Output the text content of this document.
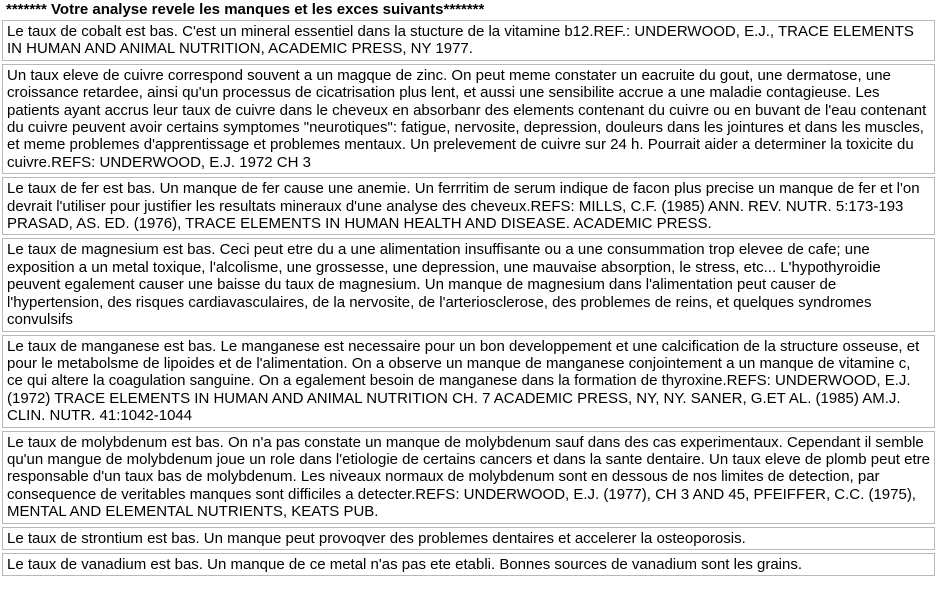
******* Votre analyse revele les manques et les exces suivants*******
Le taux de cobalt est bas. C'est un mineral essentiel dans la stucture de la vitamine b12.REF.: UNDERWOOD, E.J., TRACE ELEMENTS IN HUMAN AND ANIMAL NUTRITION, ACADEMIC PRESS, NY 1977.
Un taux eleve de cuivre correspond souvent a un magque de zinc. On peut meme constater un eacruite du gout, une dermatose, une croissance retardee, ainsi qu'un processus de cicatrisation plus lent, et aussi une sensibilite accrue a une maladie contagieuse. Les patients ayant accrus leur taux de cuivre dans le cheveux en absorbanr des elements contenant du cuivre ou en buvant de l'eau contenant du cuivre peuvent avoir certains symptomes "neurotiques": fatigue, nervosite, depression, douleurs dans les jointures et dans les muscles, et meme problemes d'apprentissage et problemes mentaux. Un prelevement de cuivre sur 24 h. Pourrait aider a determiner la toxicite du cuivre.REFS: UNDERWOOD, E.J. 1972 CH 3
Le taux de fer est bas. Un manque de fer cause une anemie. Un ferrritim de serum indique de facon plus precise un manque de fer et l'on devrait l'utiliser pour justifier les resultats mineraux d'une analyse des cheveux.REFS: MILLS, C.F. (1985) ANN. REV. NUTR. 5:173-193 PRASAD, AS. ED. (1976), TRACE ELEMENTS IN HUMAN HEALTH AND DISEASE. ACADEMIC PRESS.
Le taux de magnesium est bas. Ceci peut etre du a une alimentation insuffisante ou a une consummation trop elevee de cafe; une exposition a un metal toxique, l'alcolisme, une grossesse, une depression, une mauvaise absorption, le stress, etc... L'hypothyroidie peuvent egalement causer une baisse du taux de magnesium. Un manque de magnesium dans l'alimentation peut causer de l'hypertension, des risques cardiavasculaires, de la nervosite, de l'arteriosclerose, des problemes de reins, et quelques syndromes convulsifs
Le taux de manganese est bas. Le manganese est necessaire pour un bon developpement et une calcification de la structure osseuse, et pour le metabolsme de lipoides et de l'alimentation. On a observe un manque de manganese conjointement a un manque de vitamine c, ce qui altere la coagulation sanguine. On a egalement besoin de manganese dans la formation de thyroxine.REFS: UNDERWOOD, E.J. (1972) TRACE ELEMENTS IN HUMAN AND ANIMAL NUTRITION CH. 7 ACADEMIC PRESS, NY, NY. SANER, G.ET AL. (1985) AM.J. CLIN. NUTR. 41:1042-1044
Le taux de molybdenum est bas. On n'a pas constate un manque de molybdenum sauf dans des cas experimentaux. Cependant il semble qu'un mangue de molybdenum joue un role dans l'etiologie de certains cancers et dans la sante dentaire. Un taux eleve de plomb peut etre responsable d'un taux bas de molybdenum. Les niveaux normaux de molybdenum sont en dessous de nos limites de detection, par consequence de veritables manques sont difficiles a detecter.REFS: UNDERWOOD, E.J. (1977), CH 3 AND 45, PFEIFFER, C.C. (1975), MENTAL AND ELEMENTAL NUTRIENTS, KEATS PUB.
Le taux de strontium est bas. Un manque peut provoqver des problemes dentaires et accelerer la osteoporosis.
Le taux de vanadium est bas. Un manque de ce metal n'as pas ete etabli. Bonnes sources de vanadium sont les grains.
